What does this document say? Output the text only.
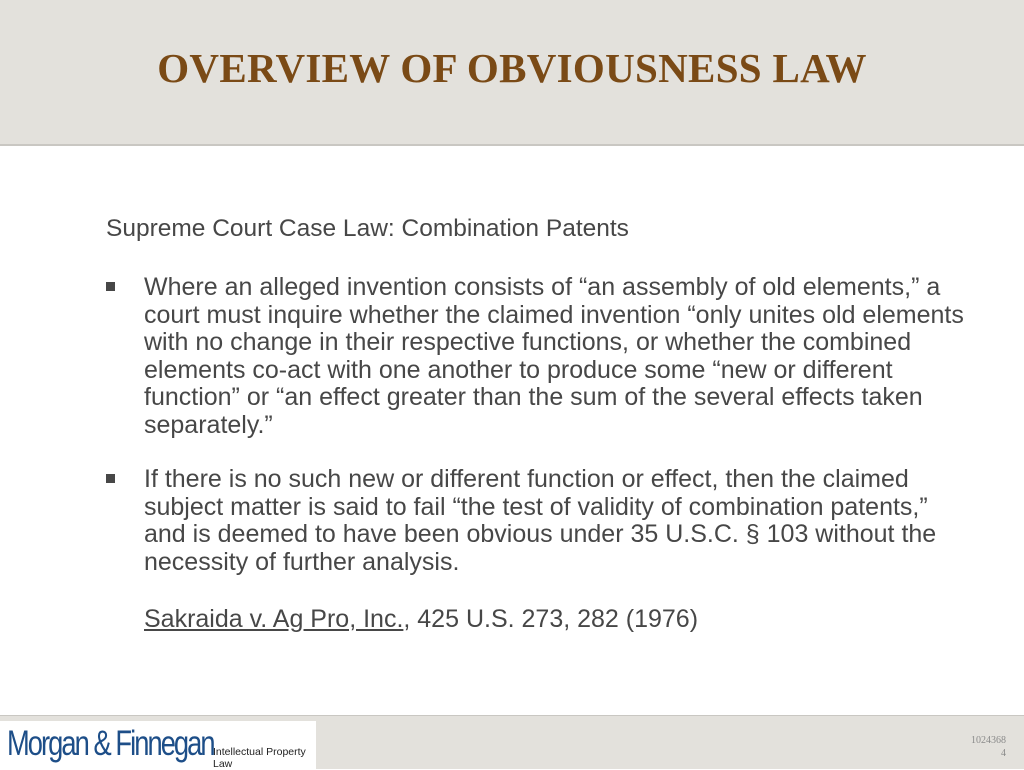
OVERVIEW OF OBVIOUSNESS LAW
Supreme Court Case Law: Combination Patents
Where an alleged invention consists of “an assembly of old elements,” a court must inquire whether the claimed invention “only unites old elements with no change in their respective functions, or whether the combined elements co-act with one another to produce some “new or different function” or “an effect greater than the sum of the several effects taken separately.”
If there is no such new or different function or effect, then the claimed subject matter is said to fail “the test of validity of combination patents,” and is deemed to have been obvious under 35 U.S.C. § 103 without the necessity of further analysis.
Sakraida v. Ag Pro, Inc., 425 U.S. 273, 282 (1976)
Morgan & Finnegan Intellectual Property Law
1024368
4
